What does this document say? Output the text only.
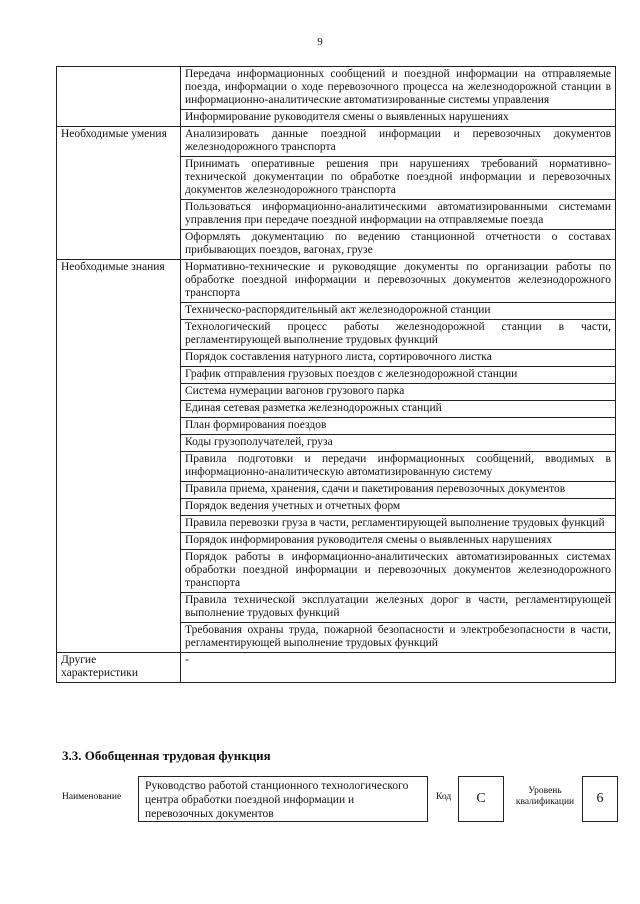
9
	Передача информационных сообщений и поездной информации на отправляемые поезда, информации о ходе перевозочного процесса на железнодорожной станции в информационно-аналитические автоматизированные системы управления
	Информирование руководителя смены о выявленных нарушениях
Необходимые умения	Анализировать данные поездной информации и перевозочных документов железнодорожного транспорта
	Принимать оперативные решения при нарушениях требований нормативно-технической документации по обработке поездной информации и перевозочных документов железнодорожного транспорта
	Пользоваться информационно-аналитическими автоматизированными системами управления при передаче поездной информации на отправляемые поезда
	Оформлять документацию по ведению станционной отчетности о составах прибывающих поездов, вагонах, грузе
Необходимые знания	Нормативно-технические и руководящие документы по организации работы по обработке поездной информации и перевозочных документов железнодорожного транспорта
	Техническо-распорядительный акт железнодорожной станции
	Технологический процесс работы железнодорожной станции в части, регламентирующей выполнение трудовых функций
	Порядок составления натурного листа, сортировочного листка
	График отправления грузовых поездов с железнодорожной станции
	Система нумерации вагонов грузового парка
	Единая сетевая разметка железнодорожных станций
	План формирования поездов
	Коды грузополучателей, груза
	Правила подготовки и передачи информационных сообщений, вводимых в информационно-аналитическую автоматизированную систему
	Правила приема, хранения, сдачи и пакетирования перевозочных документов
	Порядок ведения учетных и отчетных форм
	Правила перевозки груза в части, регламентирующей выполнение трудовых функций
	Порядок информирования руководителя смены о выявленных нарушениях
	Порядок работы в информационно-аналитических автоматизированных системах обработки поездной информации и перевозочных документов железнодорожного транспорта
	Правила технической эксплуатации железных дорог в части, регламентирующей выполнение трудовых функций
	Требования охраны труда, пожарной безопасности и электробезопасности в части, регламентирующей выполнение трудовых функций
Другие характеристики	-
3.3. Обобщенная трудовая функция
Наименование
Руководство работой станционного технологического центра обработки поездной информации и перевозочных документов
Код	C	Уровень квалификации	6
